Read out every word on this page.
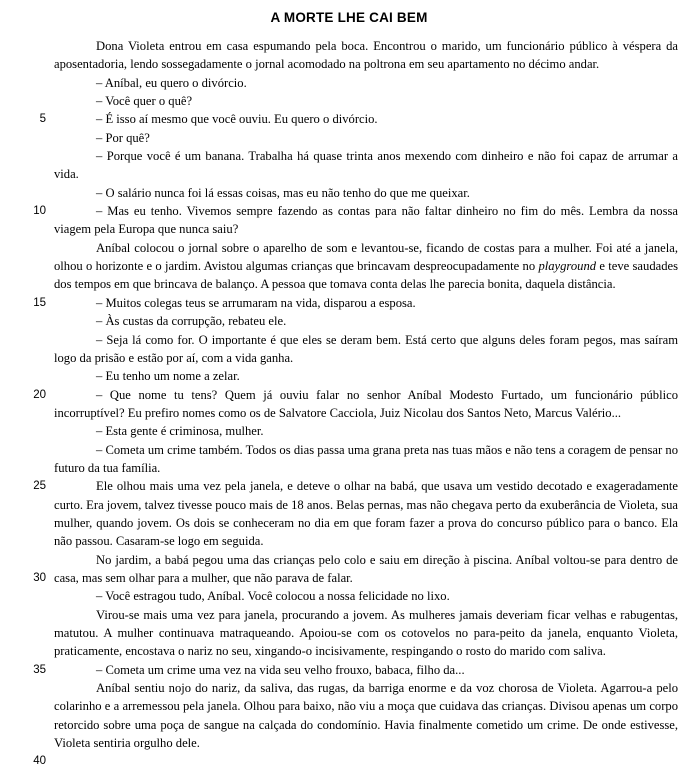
A MORTE LHE CAI BEM
5
10
15
20
25
30
35
40

Dona Violeta entrou em casa espumando pela boca. Encontrou o marido, um funcionário público à véspera da aposentadoria, lendo sossegadamente o jornal acomodado na poltrona em seu apartamento no décimo andar.

– Aníbal, eu quero o divórcio.

– Você quer o quê?

– É isso aí mesmo que você ouviu. Eu quero o divórcio.

– Por quê?

– Porque você é um banana. Trabalha há quase trinta anos mexendo com dinheiro e não foi capaz de arrumar a vida.

– O salário nunca foi lá essas coisas, mas eu não tenho do que me queixar.

– Mas eu tenho. Vivemos sempre fazendo as contas para não faltar dinheiro no fim do mês. Lembra da nossa viagem pela Europa que nunca saiu?

Aníbal colocou o jornal sobre o aparelho de som e levantou-se, ficando de costas para a mulher. Foi até a janela, olhou o horizonte e o jardim. Avistou algumas crianças que brincavam despreocupadamente no playground e teve saudades dos tempos em que brincava de balanço. A pessoa que tomava conta delas lhe parecia bonita, daquela distância.

– Muitos colegas teus se arrumaram na vida, disparou a esposa.

– Às custas da corrupção, rebateu ele.

– Seja lá como for. O importante é que eles se deram bem. Está certo que alguns deles foram pegos, mas saíram logo da prisão e estão por aí, com a vida ganha.

– Eu tenho um nome a zelar.

– Que nome tu tens? Quem já ouviu falar no senhor Aníbal Modesto Furtado, um funcionário público incorruptível? Eu prefiro nomes como os de Salvatore Cacciola, Juiz Nicolau dos Santos Neto, Marcus Valério...

– Esta gente é criminosa, mulher.

– Cometa um crime também. Todos os dias passa uma grana preta nas tuas mãos e não tens a coragem de pensar no futuro da tua família.

Ele olhou mais uma vez pela janela, e deteve o olhar na babá, que usava um vestido decotado e exageradamente curto. Era jovem, talvez tivesse pouco mais de 18 anos. Belas pernas, mas não chegava perto da exuberância de Violeta, sua mulher, quando jovem. Os dois se conheceram no dia em que foram fazer a prova do concurso público para o banco. Ela não passou. Casaram-se logo em seguida.

No jardim, a babá pegou uma das crianças pelo colo e saiu em direção à piscina. Aníbal voltou-se para dentro de casa, mas sem olhar para a mulher, que não parava de falar.

– Você estragou tudo, Aníbal. Você colocou a nossa felicidade no lixo.

Virou-se mais uma vez para janela, procurando a jovem. As mulheres jamais deveriam ficar velhas e rabugentas, matutou. A mulher continuava matraqueando. Apoiou-se com os cotovelos no para-peito da janela, enquanto Violeta, praticamente, encostava o nariz no seu, xingando-o incisivamente, respingando o rosto do marido com saliva.

– Cometa um crime uma vez na vida seu velho frouxo, babaca, filho da...

Aníbal sentiu nojo do nariz, da saliva, das rugas, da barriga enorme e da voz chorosa de Violeta. Agarrou-a pelo colarinho e a arremessou pela janela. Olhou para baixo, não viu a moça que cuidava das crianças. Divisou apenas um corpo retorcido sobre uma poça de sangue na calçada do condomínio. Havia finalmente cometido um crime. De onde estivesse, Violeta sentiria orgulho dele.
